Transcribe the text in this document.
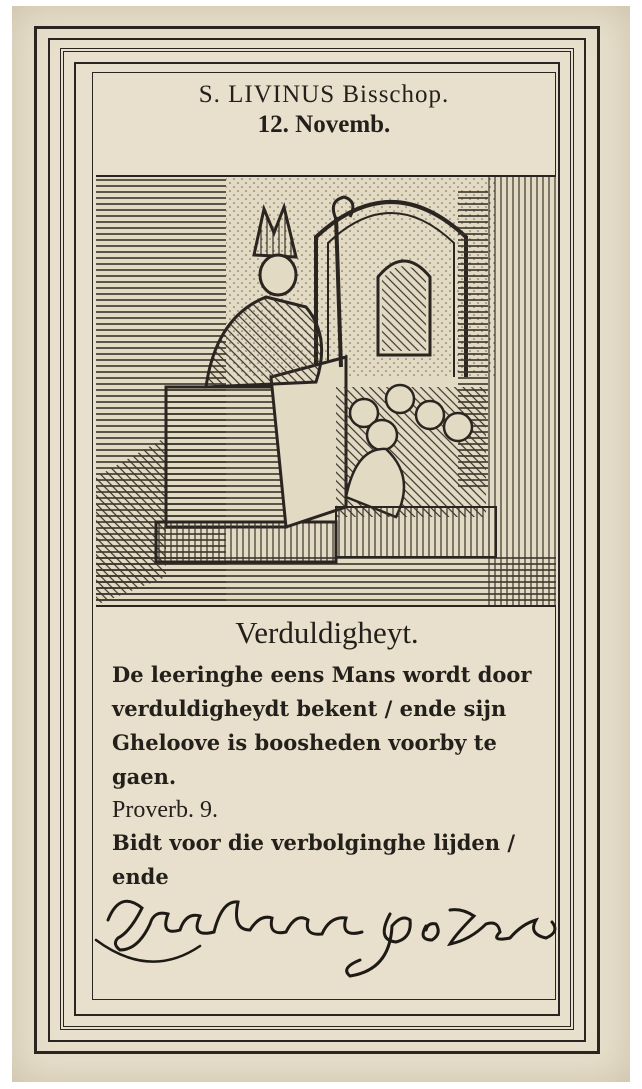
S. LIVINUS Bisschop.
12. Novemb.

Verduldigheyt.

De leeringhe eens Mans wordt door verduldigheydt bekent / ende sijn Gheloove is boosheden voorby te gaen.

Proverb. 9.

Bidt voor die verbolginghe lijden / ende
